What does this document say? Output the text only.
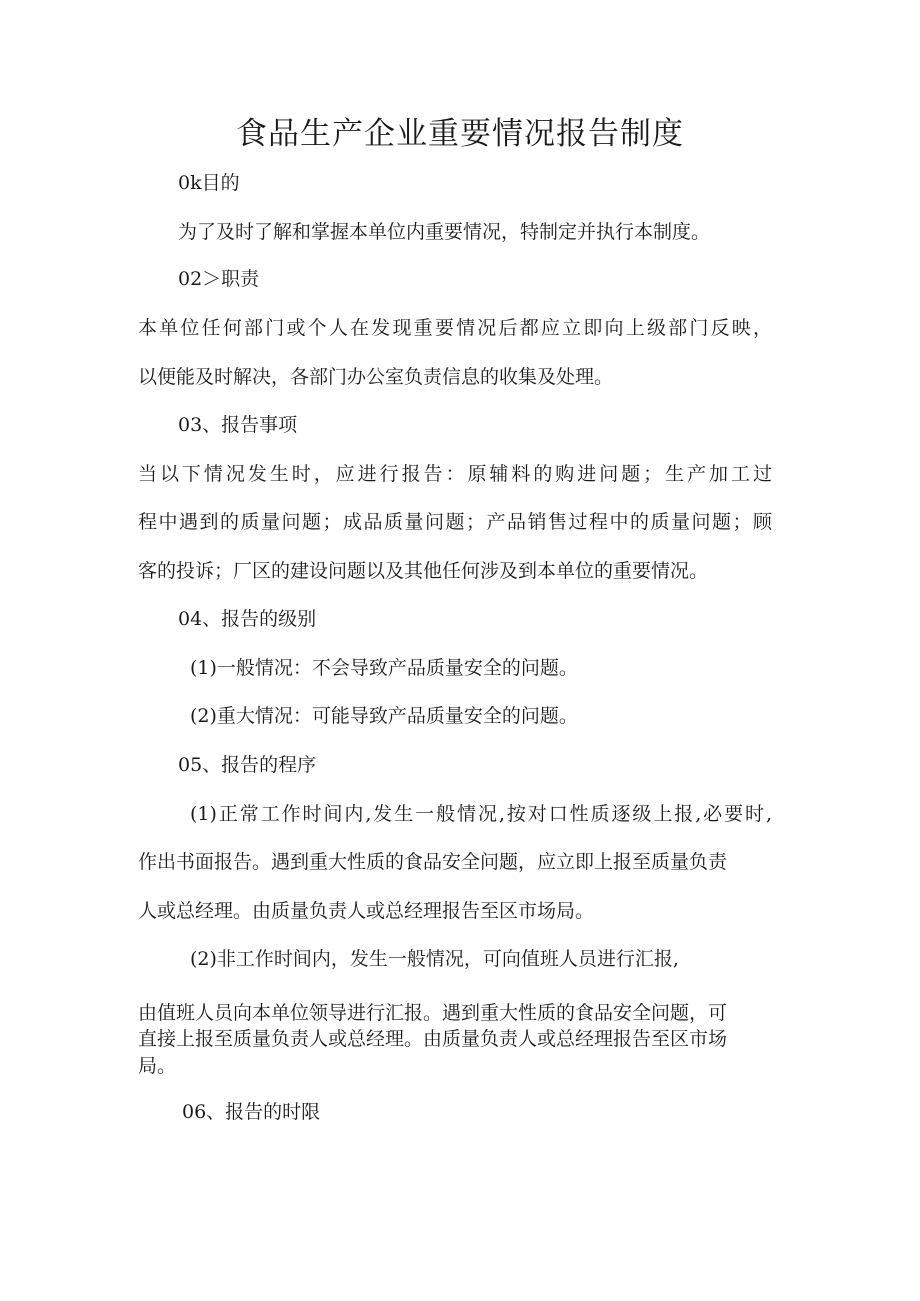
食品生产企业重要情况报告制度

0k目的

为了及时了解和掌握本单位内重要情况，特制定并执行本制度。

02＞职责

本单位任何部门或个人在发现重要情况后都应立即向上级部门反映，

以便能及时解决，各部门办公室负责信息的收集及处理。

03、报告事项

当以下情况发生时，应进行报告：原辅料的购进问题；生产加工过

程中遇到的质量问题；成品质量问题；产品销售过程中的质量问题；顾

客的投诉；厂区的建设问题以及其他任何涉及到本单位的重要情况。

04、报告的级别

(1)一般情况：不会导致产品质量安全的问题。

(2)重大情况：可能导致产品质量安全的问题。

05、报告的程序

(1)正常工作时间内,发生一般情况,按对口性质逐级上报,必要时,

作出书面报告。遇到重大性质的食品安全问题，应立即上报至质量负责

人或总经理。由质量负责人或总经理报告至区市场局。

(2)非工作时间内，发生一般情况，可向值班人员进行汇报,

由值班人员向本单位领导进行汇报。遇到重大性质的食品安全问题，可

直接上报至质量负责人或总经理。由质量负责人或总经理报告至区市场

局。

06、报告的时限
